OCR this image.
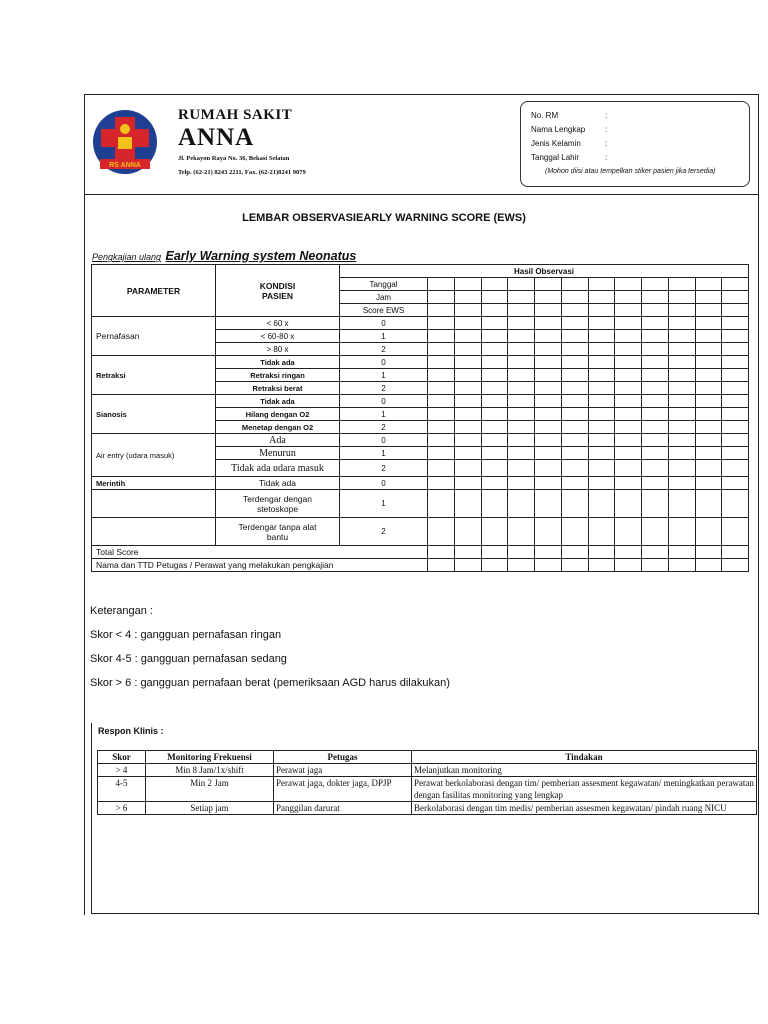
RS ANNA
RUMAH SAKIT
ANNA
Jl. Pekayon Raya No. 36, Bekasi Selatan
Telp. (62-21) 8243 2211, Fax. (62-21)8241 9079
No. RM	:
Nama Lengkap :
Jenis Kelamin	:
Tanggal Lahir	:
(Mohon diisi atau tempelkan stiker pasien jika tersedia)
LEMBAR OBSERVASIEARLY WARNING SCORE (EWS)
Pengkajian ulang Early Warning system Neonatus
PARAMETER	KONDISI PASIEN	Hasil Observasi												
		Tanggal												
		Jam												
		Score EWS												
Pernafasan	< 60 x	0												
	< 60-80 x	1												
	> 80 x	2												
Retraksi	Tidak ada	0												
	Retraksi ringan	1												
	Retraksi berat	2												
Sianosis	Tidak ada	0												
	Hilang dengan O2	1												
	Menetap dengan O2	2												
Air entry (udara masuk)	Ada	0												
	Menurun	1												
	Tidak ada udara masuk	2												
Merintih	Tidak ada	0												
	Terdengar dengan stetoskope	1												
	Terdengar tanpa alat bantu	2												
Total Score														
Nama dan TTD Petugas / Perawat yang melakukan pengkajian														
Keterangan :
Skor < 4 : gangguan pernafasan ringan
Skor 4-5 : gangguan pernafasan sedang
Skor > 6 : gangguan pernafaan berat (pemeriksaan AGD harus dilakukan)
Respon Klinis :
Skor	Monitoring Frekuensi	Petugas	Tindakan
> 4	Min 8 Jam/1x/shift	Perawat jaga	Melanjutkan monitoring
4-5	Min 2 Jam	Perawat jaga, dokter jaga, DPJP	Perawat berkolaborasi dengan tim/ pemberian assesment kegawatan/ meningkatkan perawatan dengan fasilitas monitoring yang lengkap
> 6	Setiap jam	Panggilan darurat	Berkolaborasi dengan tim medis/ pemberian assesmen kegawatan/ pindah ruang NICU
